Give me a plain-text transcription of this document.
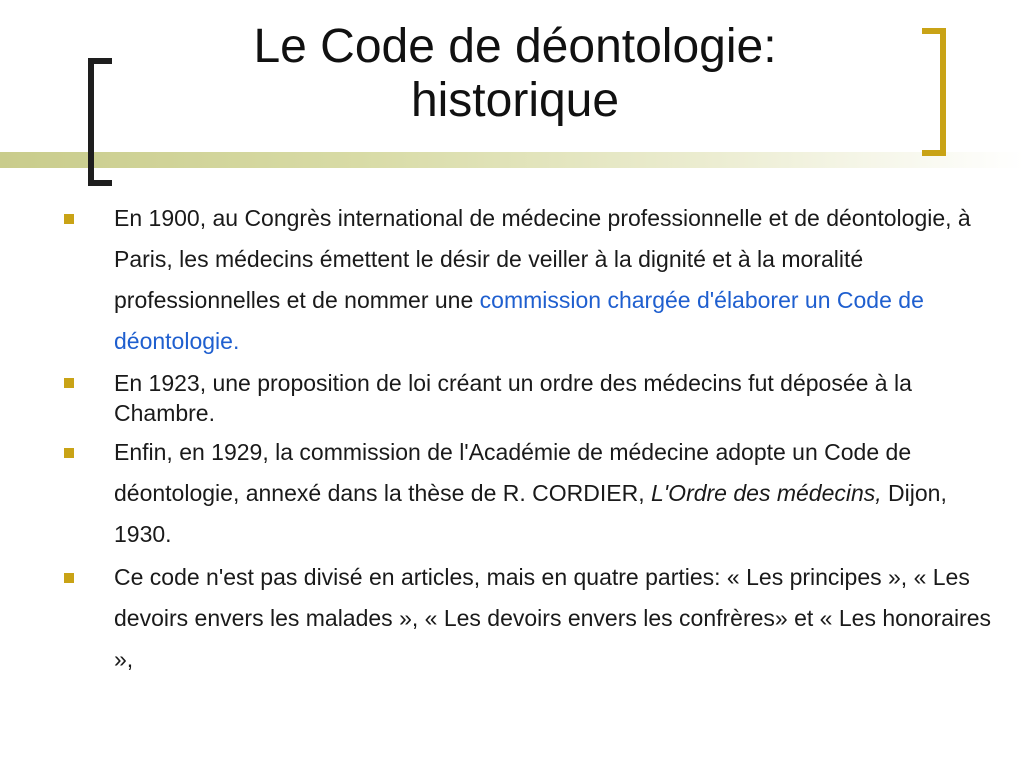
Le Code de déontologie:
historique
En 1900, au Congrès international de médecine professionnelle et de déontologie, à Paris, les médecins émettent le désir de veiller à la dignité et à la moralité professionnelles et de nommer une commission chargée d'élaborer un Code de déontologie.
En 1923, une proposition de loi créant un ordre des médecins fut déposée à la Chambre.
Enfin, en 1929, la commission de l'Académie de médecine adopte un Code de déontologie, annexé dans la thèse de R. CORDIER, L'Ordre des médecins, Dijon, 1930.
Ce code n'est pas divisé en articles, mais en quatre parties: « Les principes », « Les devoirs envers les malades », « Les devoirs envers les confrères» et « Les honoraires »,
